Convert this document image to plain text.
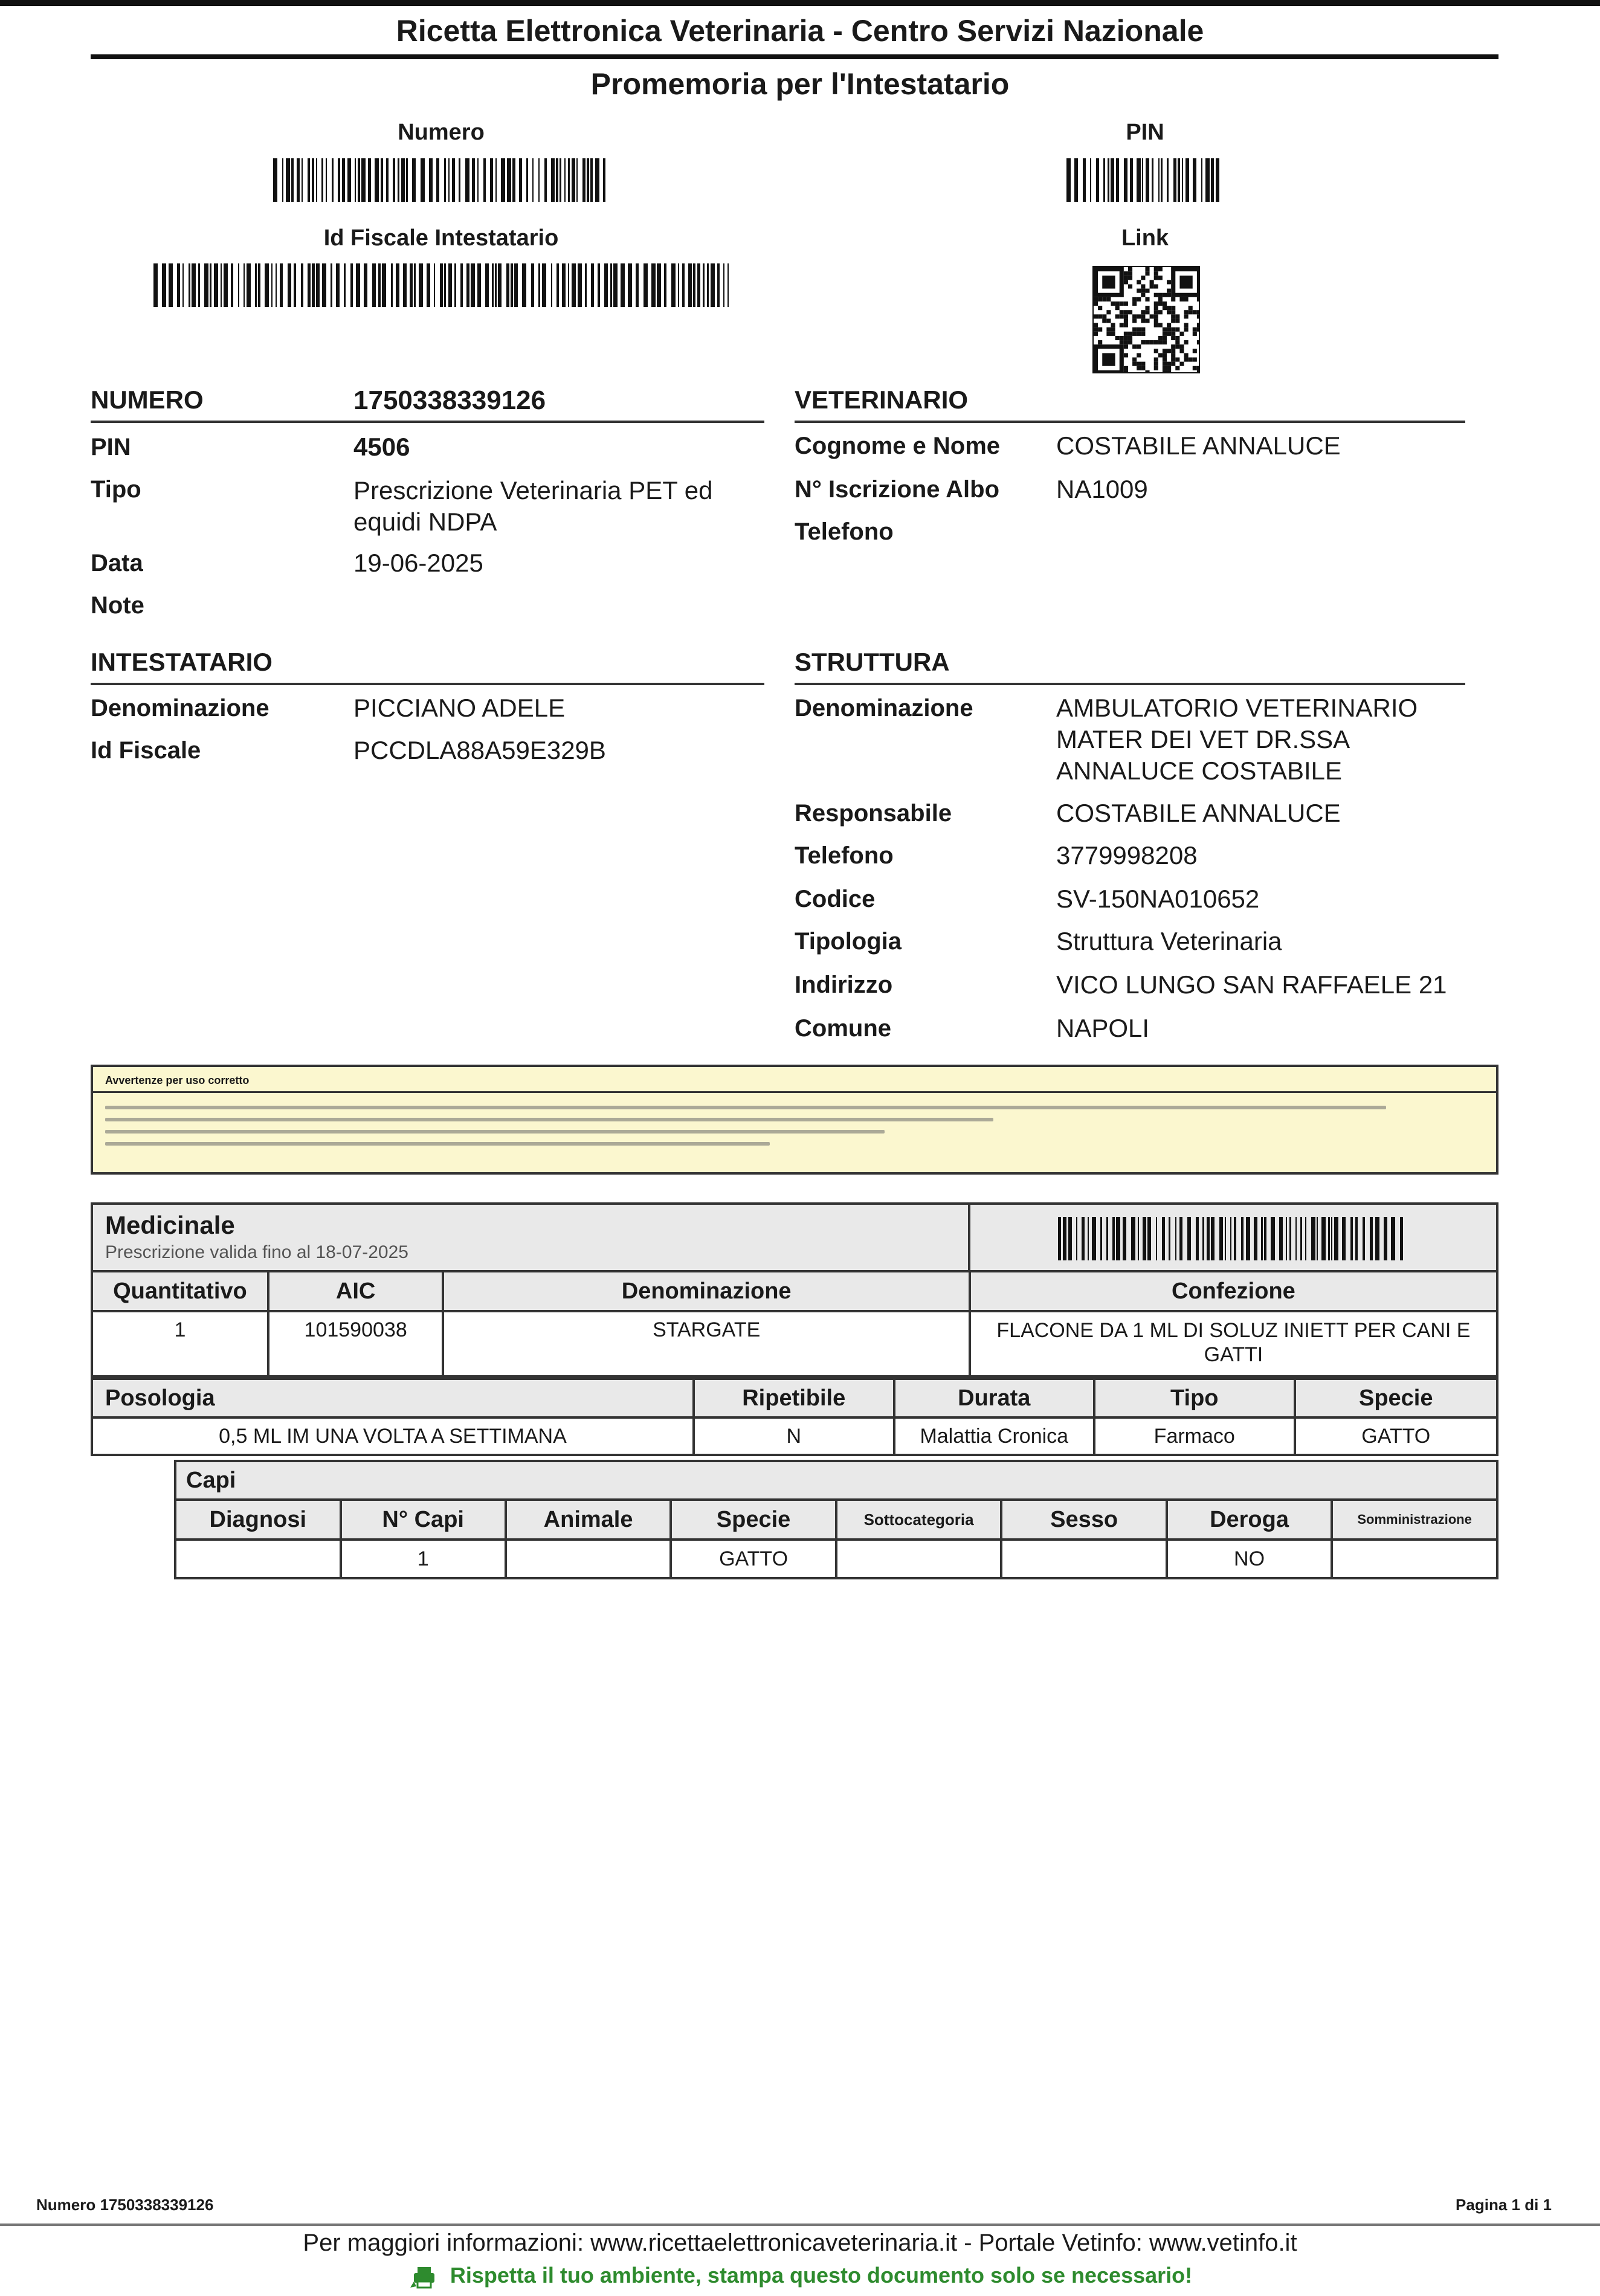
Ricetta Elettronica Veterinaria - Centro Servizi Nazionale
Promemoria per l'Intestatario
Numero	PIN
Id Fiscale Intestatario	Link
NUMERO	1750338339126
PIN	4506
Tipo	Prescrizione Veterinaria PET ed
equidi NDPA
Data	19-06-2025
Note
VETERINARIO
Cognome e Nome COSTABILE ANNALUCE
N° Iscrizione Albo NA1009
Telefono
INTESTATARIO
Denominazione	PICCIANO ADELE
Id Fiscale	PCCDLA88A59E329B
STRUTTURA
Denominazione	AMBULATORIO VETERINARIO
MATER DEI VET DR.SSA
ANNALUCE COSTABILE
Responsabile	COSTABILE ANNALUCE
Telefono	3779998208
Codice	SV-150NA010652
Tipologia	Struttura Veterinaria
Indirizzo	VICO LUNGO SAN RAFFAELE 21
Comune	NAPOLI
Avvertenze per uso corretto
Medicinale
Prescrizione valida fino al 18-07-2025

Quantitativo	AIC	Denominazione	Confezione
1	101590038	STARGATE	FLACONE DA 1 ML DI SOLUZ INIETT PER CANI E
GATTI
Posologia	Ripetibile	Durata	Tipo	Specie
0,5 ML IM UNA VOLTA A SETTIMANA	N	Malattia Cronica	Farmaco	GATTO
Capi							
Diagnosi	N° Capi	Animale	Specie	Sottocategoria	Sesso	Deroga	Somministrazione
	1		GATTO			NO	
Numero 1750338339126	Pagina 1 di 1
Per maggiori informazioni: www.ricettaelettronicaveterinaria.it - Portale Vetinfo: www.vetinfo.it
Rispetta il tuo ambiente, stampa questo documento solo se necessario!
